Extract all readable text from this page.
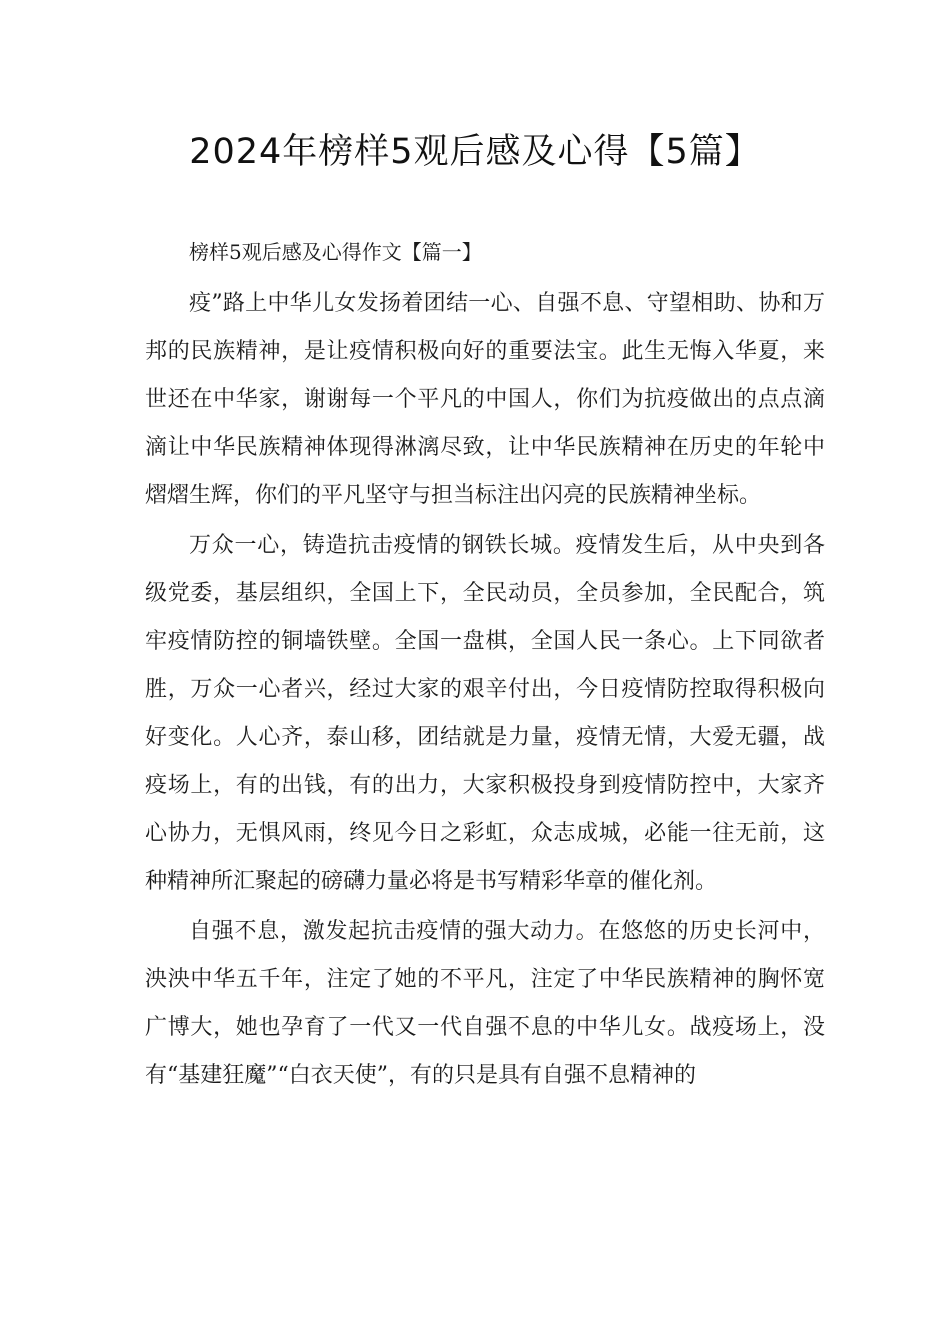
2024年榜样5观后感及心得【5篇】

榜样5观后感及心得作文【篇一】

疫”路上中华儿女发扬着团结一心、自强不息、守望相助、协和万邦的民族精神，是让疫情积极向好的重要法宝。此生无悔入华夏，来世还在中华家，谢谢每一个平凡的中国人，你们为抗疫做出的点点滴滴让中华民族精神体现得淋漓尽致，让中华民族精神在历史的年轮中熠熠生辉，你们的平凡坚守与担当标注出闪亮的民族精神坐标。

万众一心，铸造抗击疫情的钢铁长城。疫情发生后，从中央到各级党委，基层组织，全国上下，全民动员，全员参加，全民配合，筑牢疫情防控的铜墙铁壁。全国一盘棋，全国人民一条心。上下同欲者胜，万众一心者兴，经过大家的艰辛付出，今日疫情防控取得积极向好变化。人心齐，泰山移，团结就是力量，疫情无情，大爱无疆，战疫场上，有的出钱，有的出力，大家积极投身到疫情防控中，大家齐心协力，无惧风雨，终见今日之彩虹，众志成城，必能一往无前，这种精神所汇聚起的磅礴力量必将是书写精彩华章的催化剂。

自强不息，激发起抗击疫情的强大动力。在悠悠的历史长河中，泱泱中华五千年，注定了她的不平凡，注定了中华民族精神的胸怀宽广博大，她也孕育了一代又一代自强不息的中华儿女。战疫场上，没有“基建狂魔”“白衣天使”，有的只是具有自强不息精神的
